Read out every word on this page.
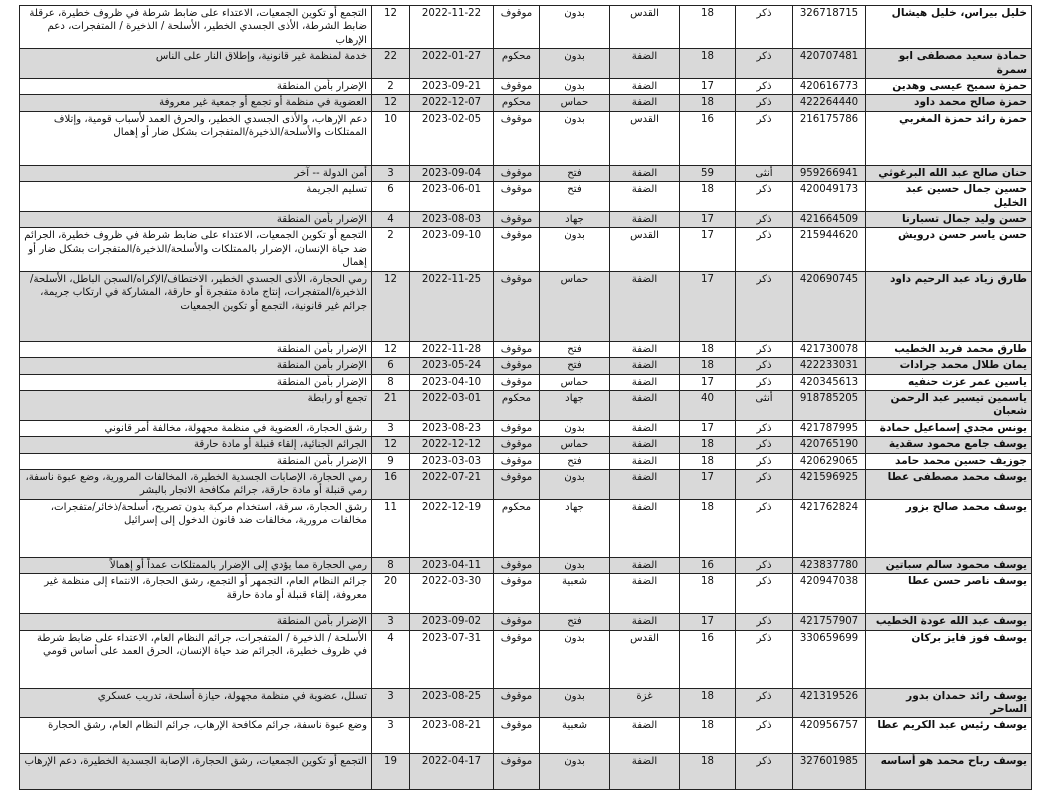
خليل بيراس، خليل هيشال	326718715	ذكر	18	القدس	بدون	موقوف	2022-11-22	12	التجمع أو تكوين الجمعيات، الاعتداء على ضابط شرطة في ظروف خطيرة، عرقلة ضابط الشرطة، الأذى الجسدي الخطير، الأسلحة / الذخيرة / المتفجرات، دعم الإرهاب
حمادة سعيد مصطفى ابو سمرة	420707481	ذكر	18	الضفة	بدون	محكوم	2022-01-27	22	خدمة لمنظمة غير قانونية، وإطلاق النار على الناس
حمزة سميح عيسى وهدين	420616773	ذكر	17	الضفة	بدون	موقوف	2023-09-21	2	الإضرار بأمن المنطقة
حمزة صالح محمد داود	422264440	ذكر	18	الضفة	حماس	محكوم	2022-12-07	12	العضوية في منظمة أو تجمع أو جمعية غير معروفة
حمزة رائد حمزة المغربي	216175786	ذكر	16	القدس	بدون	موقوف	2023-02-05	10	دعم الإرهاب، والأذى الجسدي الخطير، والحرق العمد لأسباب قومية، وإتلاف الممتلكات والأسلحة/الذخيرة/المتفجرات بشكل ضار أو إهمال
حنان صالح عبد الله البرغوثي	959266941	أنثى	59	الضفة	فتح	موقوف	2023-09-04	3	أمن الدولة -- آخر
حسين جمال حسين عبد الخليل	420049173	ذكر	18	الضفة	فتح	موقوف	2023-06-01	6	تسليم الجريمة
حسن وليد جمال تسبارنا	421664509	ذكر	17	الضفة	جهاد	موقوف	2023-08-03	4	الإضرار بأمن المنطقة
حسن ياسر حسن درويش	215944620	ذكر	17	القدس	بدون	موقوف	2023-09-10	2	التجمع أو تكوين الجمعيات، الاعتداء على ضابط شرطة في ظروف خطيرة، الجرائم ضد حياة الإنسان، الإضرار بالممتلكات والأسلحة/الذخيرة/المتفجرات بشكل ضار أو إهمال
طارق زياد عبد الرحيم داود	420690745	ذكر	17	الضفة	حماس	موقوف	2022-11-25	12	رمي الحجارة، الأذى الجسدي الخطير، الاختطاف/الإكراه/السجن الباطل، الأسلحة/الذخيرة/المتفجرات، إنتاج مادة متفجرة أو حارقة، المشاركة في ارتكاب جريمة، جرائم غير قانونية، التجمع أو تكوين الجمعيات
طارق محمد فريد الخطيب	421730078	ذكر	18	الضفة	فتح	موقوف	2022-11-28	12	الإضرار بأمن المنطقة
يمان طلال محمد جرادات	422233031	ذكر	18	الضفة	فتح	موقوف	2023-05-24	6	الإضرار بأمن المنطقة
ياسين عمر عزت حنفيه	420345613	ذكر	17	الضفة	حماس	موقوف	2023-04-10	8	الإضرار بأمن المنطقة
ياسمين تيسير عبد الرحمن شعبان	918785205	أنثى	40	الضفة	جهاد	محكوم	2022-03-01	21	تجمع أو رابطة
يونس مجدي إسماعيل حمادة	421787995	ذكر	17	الضفة	بدون	موقوف	2023-08-23	3	رشق الحجارة، العضوية في منظمة مجهولة، مخالفة أمر قانوني
يوسف جامع محمود سقدية	420765190	ذكر	18	الضفة	حماس	موقوف	2022-12-12	12	الجرائم الجنائية، إلقاء قنبلة أو مادة حارقة
جوزيف حسين محمد حامد	420629065	ذكر	18	الضفة	فتح	موقوف	2023-03-03	9	الإضرار بأمن المنطقة
يوسف محمد مصطفى عطا	421596925	ذكر	17	الضفة	بدون	موقوف	2022-07-21	16	رمي الحجارة، الإصابات الجسدية الخطيرة، المخالفات المرورية، وضع عبوة ناسفة، رمي قنبلة أو مادة حارقة، جرائم مكافحة الاتجار بالبشر
يوسف محمد صالح بزور	421762824	ذكر	18	الضفة	جهاد	محكوم	2022-12-19	11	رشق الحجارة، سرقة، استخدام مركبة بدون تصريح، أسلحة/ذخائر/متفجرات، مخالفات مرورية، مخالفات ضد قانون الدخول إلى إسرائيل
يوسف محمود سالم سباتين	423837780	ذكر	16	الضفة	بدون	موقوف	2023-04-11	8	رمي الحجارة مما يؤدي إلى الإضرار بالممتلكات عمداً أو إهمالاً
يوسف ناصر حسن عطا	420947038	ذكر	18	الضفة	شعبية	موقوف	2022-03-30	20	جرائم النظام العام، التجمهر أو التجمع، رشق الحجارة، الانتماء إلى منظمة غير معروفة، إلقاء قنبلة أو مادة حارقة
يوسف عبد الله عودة الخطيب	421757907	ذكر	17	الضفة	فتح	موقوف	2023-09-02	3	الإضرار بأمن المنطقة
يوسف فوز فايز بركان	330659699	ذكر	16	القدس	بدون	موقوف	2023-07-31	4	الأسلحة / الذخيرة / المتفجرات، جرائم النظام العام، الاعتداء على ضابط شرطة في ظروف خطيرة، الجرائم ضد حياة الإنسان، الحرق العمد على أساس قومي
يوسف رائد حمدان بدور الساحر	421319526	ذكر	18	غزة	بدون	موقوف	2023-08-25	3	تسلل، عضوية في منظمة مجهولة، حيازة أسلحة، تدريب عسكري
يوسف رئيس عبد الكريم عطا	420956757	ذكر	18	الضفة	شعبية	موقوف	2023-08-21	3	وضع عبوة ناسفة، جرائم مكافحة الإرهاب، جرائم النظام العام، رشق الحجارة
يوسف رباح محمد هو أساسه	327601985	ذكر	18	الضفة	بدون	موقوف	2022-04-17	19	التجمع أو تكوين الجمعيات، رشق الحجارة، الإصابة الجسدية الخطيرة، دعم الإرهاب
